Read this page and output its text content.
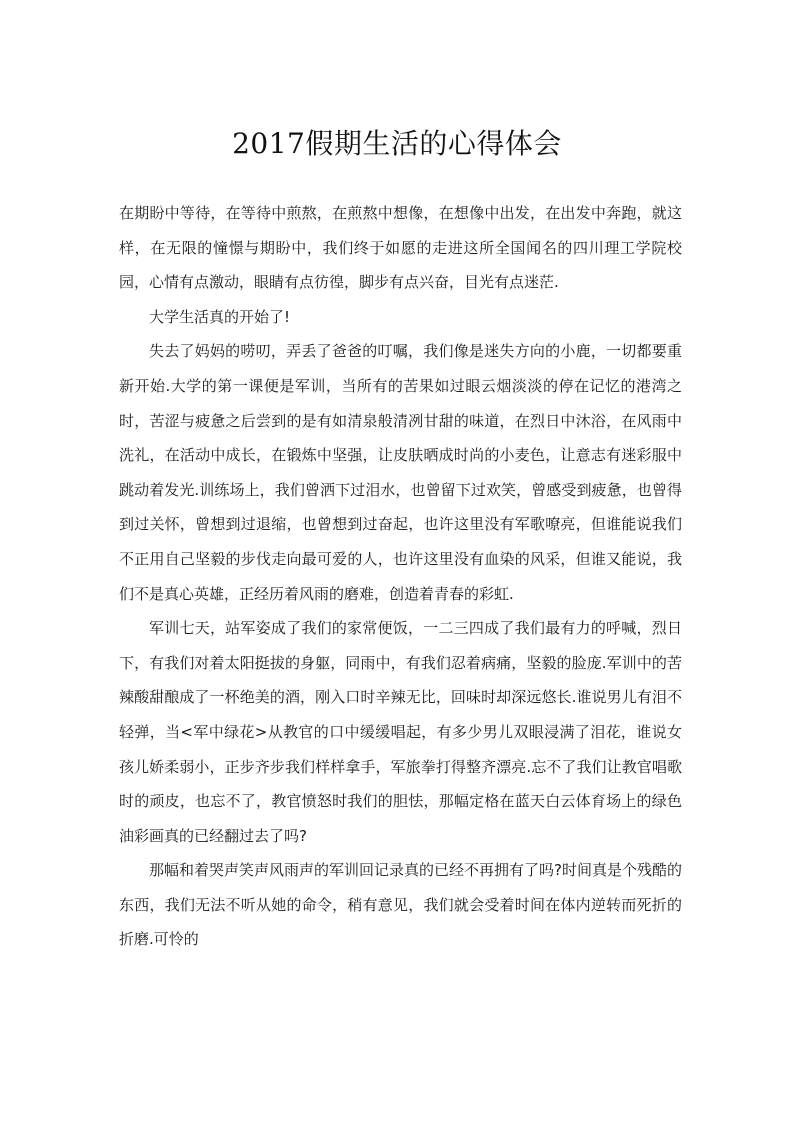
2017假期生活的心得体会

在期盼中等待，在等待中煎熬，在煎熬中想像，在想像中出发，在出发中奔跑，就这样，在无限的憧憬与期盼中，我们终于如愿的走进这所全国闻名的四川理工学院校园，心情有点激动，眼睛有点彷徨，脚步有点兴奋，目光有点迷茫.

大学生活真的开始了!

失去了妈妈的唠叨，弄丢了爸爸的叮嘱，我们像是迷失方向的小鹿，一切都要重新开始.大学的第一课便是军训，当所有的苦果如过眼云烟淡淡的停在记忆的港湾之时，苦涩与疲惫之后尝到的是有如清泉般清冽甘甜的味道，在烈日中沐浴，在风雨中洗礼，在活动中成长，在锻炼中坚强，让皮肤晒成时尚的小麦色，让意志有迷彩服中跳动着发光.训练场上，我们曾洒下过泪水，也曾留下过欢笑，曾感受到疲惫，也曾得到过关怀，曾想到过退缩，也曾想到过奋起，也许这里没有军歌嘹亮，但谁能说我们不正用自己坚毅的步伐走向最可爱的人，也许这里没有血染的风采，但谁又能说，我们不是真心英雄，正经历着风雨的磨难，创造着青春的彩虹.

军训七天，站军姿成了我们的家常便饭，一二三四成了我们最有力的呼喊，烈日下，有我们对着太阳挺拔的身躯，同雨中，有我们忍着病痛，坚毅的脸庞.军训中的苦辣酸甜酿成了一杯绝美的酒，刚入口时辛辣无比，回味时却深远悠长.谁说男儿有泪不轻弹，当<军中绿花>从教官的口中缓缓唱起，有多少男儿双眼浸满了泪花，谁说女孩儿娇柔弱小，正步齐步我们样样拿手，军旅拳打得整齐漂亮.忘不了我们让教官唱歌时的顽皮，也忘不了，教官愤怒时我们的胆怯，那幅定格在蓝天白云体育场上的绿色油彩画真的已经翻过去了吗?

那幅和着哭声笑声风雨声的军训回记录真的已经不再拥有了吗?时间真是个残酷的东西，我们无法不听从她的命令，稍有意见，我们就会受着时间在体内逆转而死折的折磨.可怜的
